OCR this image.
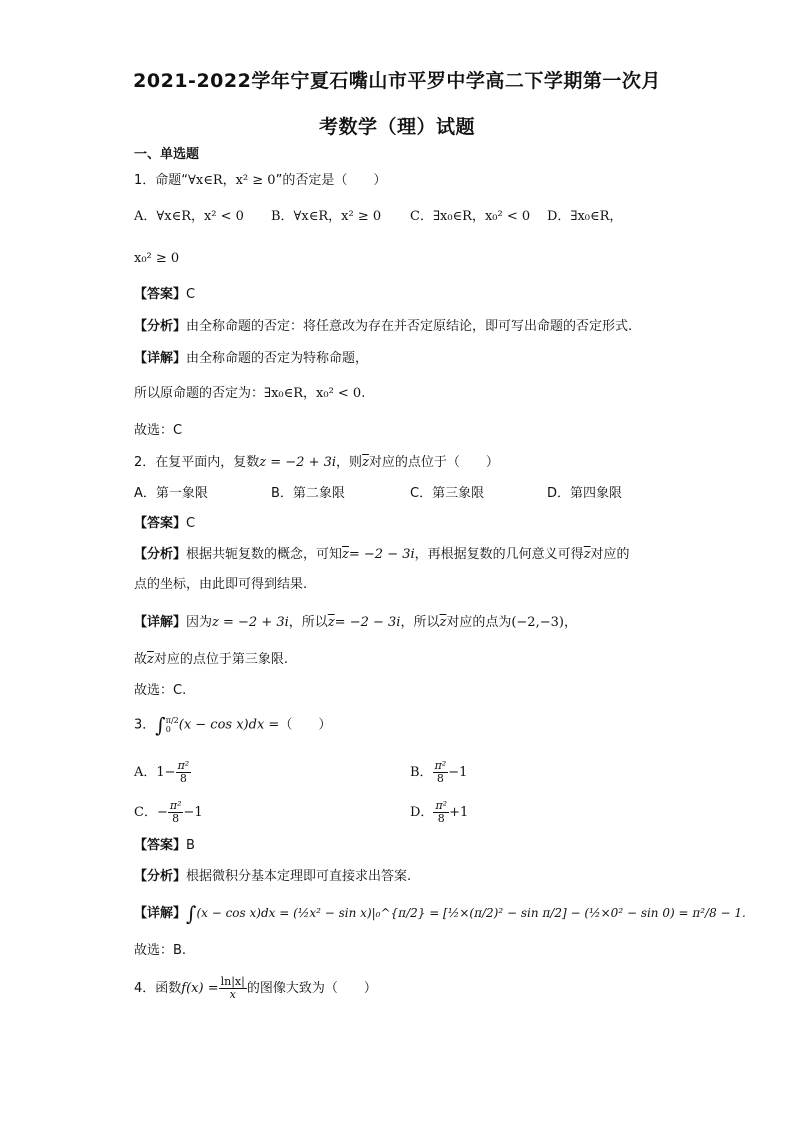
2021-2022学年宁夏石嘴山市平罗中学高二下学期第一次月
考数学（理）试题
一、单选题
1．命题“∀x∈R，x² ≥ 0”的否定是（　　）
A．∀x∈R，x² < 0 B．∀x∈R，x² ≥ 0 C．∃x₀∈R，x₀² < 0 D．∃x₀∈R，
x₀² ≥ 0
【答案】C
【分析】由全称命题的否定：将任意改为存在并否定原结论，即可写出命题的否定形式.
【详解】由全称命题的否定为特称命题，
所以原命题的否定为：∃x₀∈R，x₀² < 0.
故选：C
2．在复平面内，复数z = −2 + 3i，则$\overline{z}$对应的点位于（　　）
A．第一象限	B．第二象限	C．第三象限	D．第四象限
【答案】C
【分析】根据共轭复数的概念，可知$\overline{z}= -2 - 3i$，再根据复数的几何意义可得$\overline{z}$对应的
点的坐标，由此即可得到结果.
【详解】因为z = −2 + 3i，所以$\overline{z}= -2 - 3i$，所以$\overline{z}$对应的点为(−2,−3)，
故$\overline{z}$对应的点位于第三象限.
故选：C.
3．∫ π/2
0 (x − cos x)dx =（　　）
A．$1- \frac{\text{π²}}{8}$	B． $\frac{\text{π²}}{8} -1$
C．− $\frac{\text{π²}}{8} -1$	D． $\frac{\text{π²}}{8} +1$
【答案】B
【分析】根据微积分基本定理即可直接求出答案.
【详解】∫(x − cos x)dx = (½x² − sin x)|₀^{π/2} = [½×(π/2)² − sin π/2] − (½×0² − sin 0) = π²/8 − 1.
故选：B.
4．函数$f(x) = \frac{\ln|x|}{x}$ 的图像大致为（　　）
